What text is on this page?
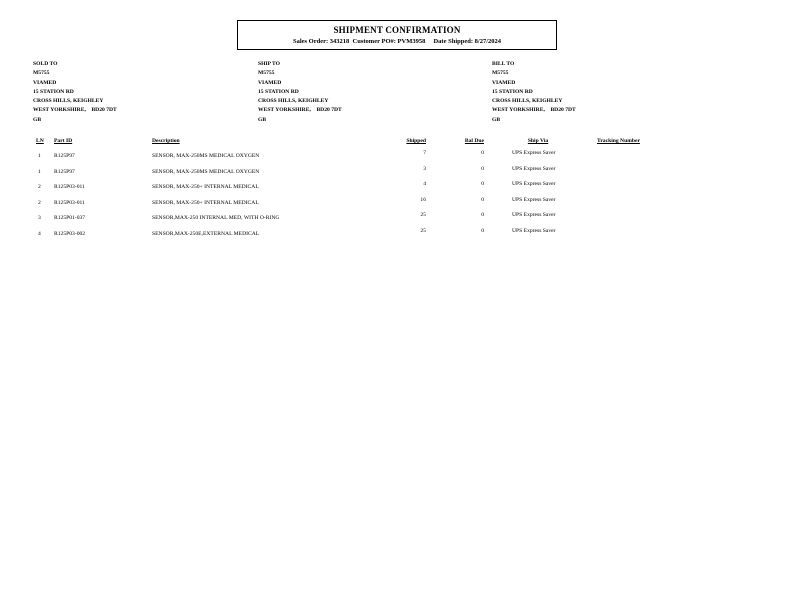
SHIPMENT CONFIRMATION
Sales Order: 343218 Customer PO#: PVM3958 Date Shipped: 8/27/2024
SOLD TO
M5755
VIAMED
15 STATION RD
CROSS HILLS, KEIGHLEY
WEST YORKSHIRE,    BD20 7DT
GB
SHIP TO
M5755
VIAMED
15 STATION RD
CROSS HILLS, KEIGHLEY
WEST YORKSHIRE,    BD20 7DT
GB
BILL TO
M5755
VIAMED
15 STATION RD
CROSS HILLS, KEIGHLEY
WEST YORKSHIRE,    BD20 7DT
GB
LN Part ID	Description	Shipped	Bal Due	Ship Via	Tracking Number
1 R125P97	SENSOR, MAX-250MS MEDICAL OXYGEN	7	0	UPS Express Saver
1 R125P97	SENSOR, MAX-250MS MEDICAL OXYGEN	3	0	UPS Express Saver
2 R125P03-011	SENSOR, MAX-250+ INTERNAL MEDICAL	4	0	UPS Express Saver
2 R125P03-011	SENSOR, MAX-250+ INTERNAL MEDICAL	16	0	UPS Express Saver
3 R125P01-037	SENSOR,MAX-250 INTERNAL MED, WITH O-RING	25	0	UPS Express Saver
4 R125P03-002	SENSOR,MAX-250E,EXTERNAL MEDICAL	25	0	UPS Express Saver
